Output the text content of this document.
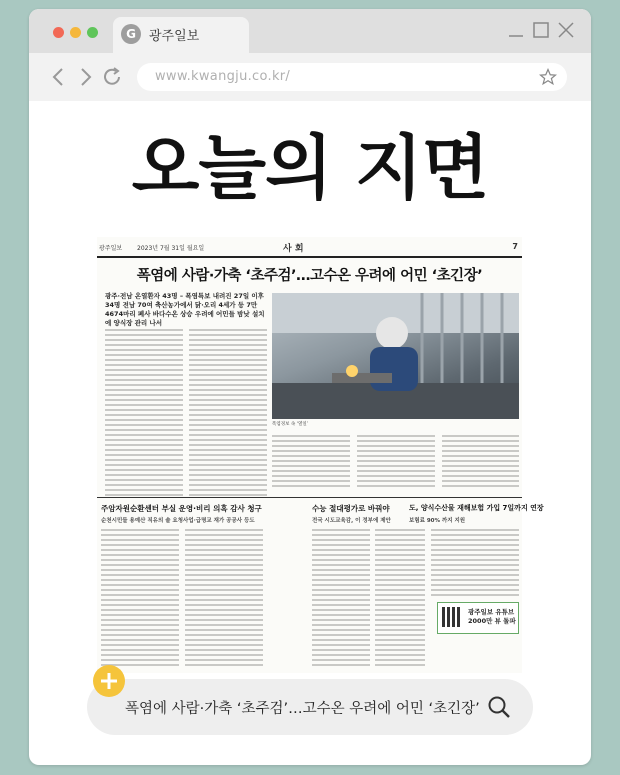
G	광주일보
www.kwangju.co.kr/
오늘의 지면
광주일보 2023년 7월 31일 월요일	사 회	7
폭염에 사람·가축 ‘초주검’…고수온 우려에 어민 ‘초긴장’
광주·전남 온열환자 43명 – 폭염특보 내려진 27일 이후 34명 전남 70여 축산농가에서 닭·오리 4세가 등 7만4674마리 폐사 바다수온 상승 우려에 어민들 밤낮 설치에 양식장 관리 나서
폭염경보 속 ‘열일’
주암자원순환센터 부실 운영·비리 의혹 감사 청구
순천시민들 용예산 직유의 솔 요청사업·급명교 재가 공공사 등도
수능 절대평가로 바꿔야
전국 시도교육감, 이 정부에 제안
도, 양식수산물 재해보험 가입 7일까지 연장
보험료 90% 까지 지원
광주일보 유튜브
2000만 뷰 돌파
폭염에 사람·가축 ‘초주검’…고수온 우려에 어민 ‘초긴장’
